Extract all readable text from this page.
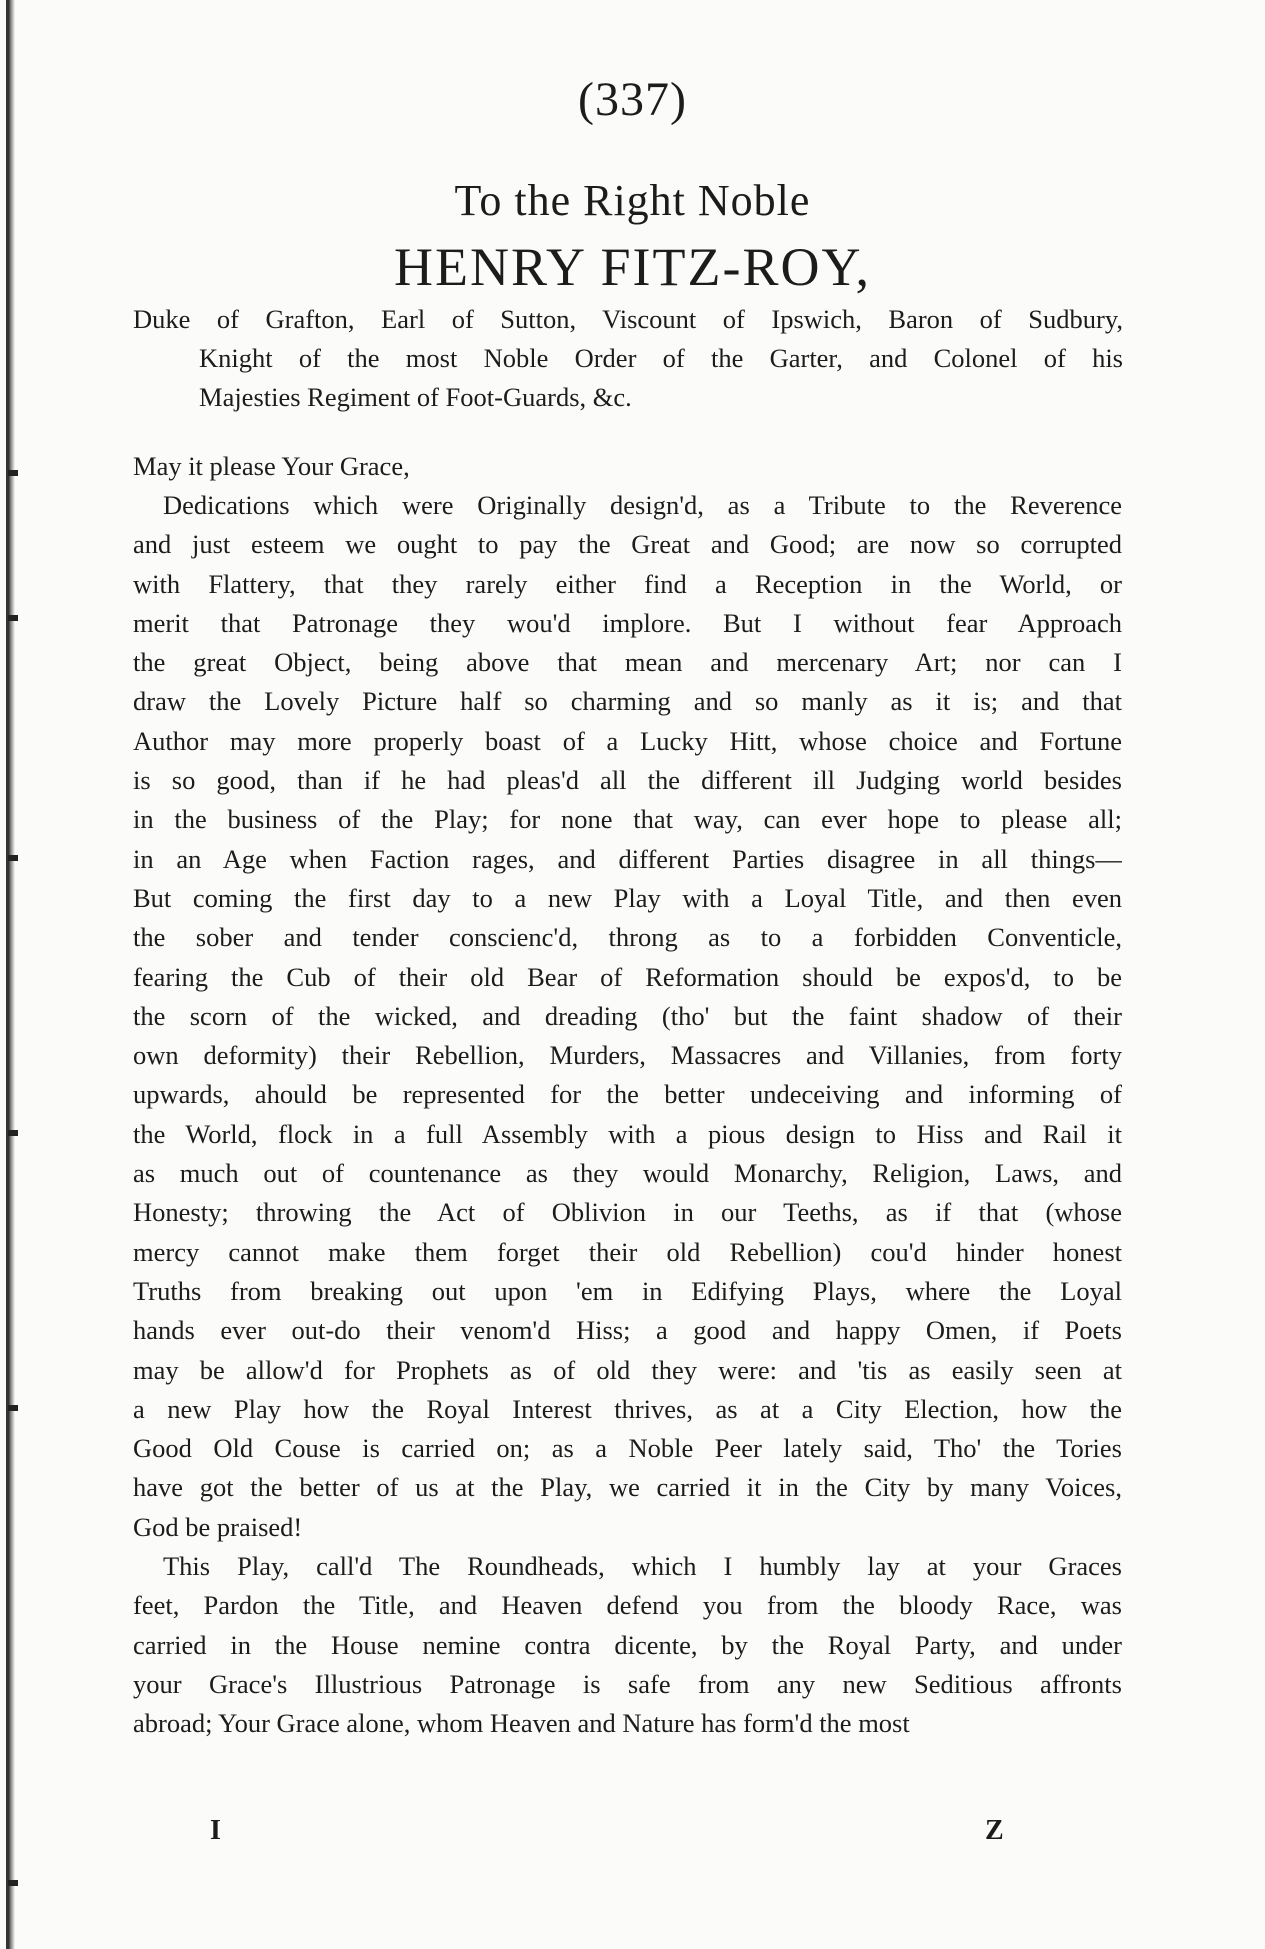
(337)
To the Right Noble
HENRY FITZ-ROY,
Duke of Grafton, Earl of Sutton, Viscount of Ipswich, Baron of Sudbury,
Knight of the most Noble Order of the Garter, and Colonel of his
Majesties Regiment of Foot-Guards, &c.
May it please Your Grace,
Dedications which were Originally design'd, as a Tribute to the Reverence
and just esteem we ought to pay the Great and Good; are now so corrupted
with Flattery, that they rarely either find a Reception in the World, or
merit that Patronage they wou'd implore. But I without fear Approach
the great Object, being above that mean and mercenary Art; nor can I
draw the Lovely Picture half so charming and so manly as it is; and that
Author may more properly boast of a Lucky Hitt, whose choice and Fortune
is so good, than if he had pleas'd all the different ill Judging world besides
in the business of the Play; for none that way, can ever hope to please all;
in an Age when Faction rages, and different Parties disagree in all things—
But coming the first day to a new Play with a Loyal Title, and then even
the sober and tender conscienc'd, throng as to a forbidden Conventicle,
fearing the Cub of their old Bear of Reformation should be expos'd, to be
the scorn of the wicked, and dreading (tho' but the faint shadow of their
own deformity) their Rebellion, Murders, Massacres and Villanies, from forty
upwards, ahould be represented for the better undeceiving and informing of
the World, flock in a full Assembly with a pious design to Hiss and Rail it
as much out of countenance as they would Monarchy, Religion, Laws, and
Honesty; throwing the Act of Oblivion in our Teeths, as if that (whose
mercy cannot make them forget their old Rebellion) cou'd hinder honest
Truths from breaking out upon 'em in Edifying Plays, where the Loyal
hands ever out-do their venom'd Hiss; a good and happy Omen, if Poets
may be allow'd for Prophets as of old they were: and 'tis as easily seen at
a new Play how the Royal Interest thrives, as at a City Election, how the
Good Old Couse is carried on; as a Noble Peer lately said, Tho' the Tories
have got the better of us at the Play, we carried it in the City by many Voices,
God be praised!
This Play, call'd The Roundheads, which I humbly lay at your Graces
feet, Pardon the Title, and Heaven defend you from the bloody Race, was
carried in the House nemine contra dicente, by the Royal Party, and under
your Grace's Illustrious Patronage is safe from any new Seditious affronts
abroad; Your Grace alone, whom Heaven and Nature has form'd the most
I	Z
